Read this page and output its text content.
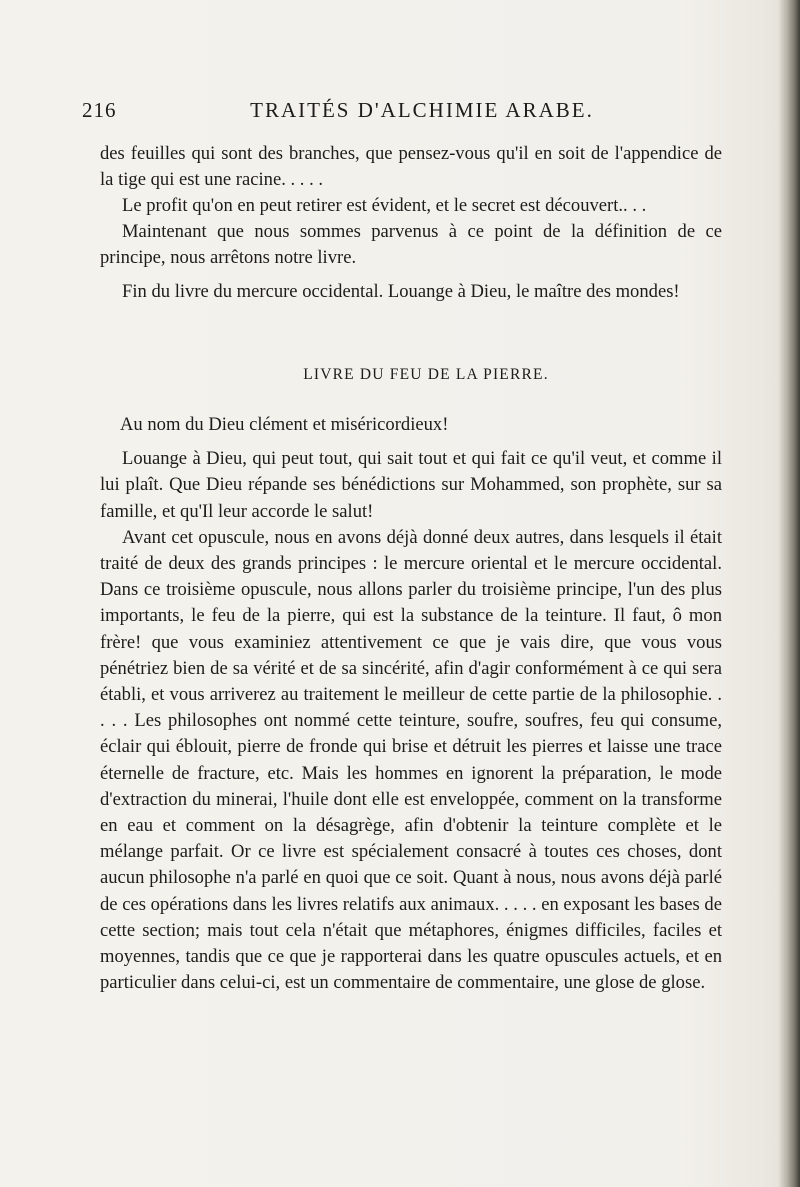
216	TRAITÉS D'ALCHIMIE ARABE.

des feuilles qui sont des branches, que pensez-vous qu'il en soit de l'appendice de la tige qui est une racine. . . . .

Le profit qu'on en peut retirer est évident, et le secret est découvert.. . .

Maintenant que nous sommes parvenus à ce point de la définition de ce principe, nous arrêtons notre livre.

Fin du livre du mercure occidental. Louange à Dieu, le maître des mondes!

LIVRE DU FEU DE LA PIERRE.

Au nom du Dieu clément et miséricordieux!

Louange à Dieu, qui peut tout, qui sait tout et qui fait ce qu'il veut, et comme il lui plaît. Que Dieu répande ses bénédictions sur Mohammed, son prophète, sur sa famille, et qu'Il leur accorde le salut!

Avant cet opuscule, nous en avons déjà donné deux autres, dans lesquels il était traité de deux des grands principes : le mercure oriental et le mercure occidental. Dans ce troisième opuscule, nous allons parler du troisième principe, l'un des plus importants, le feu de la pierre, qui est la substance de la teinture. Il faut, ô mon frère! que vous examiniez attentivement ce que je vais dire, que vous vous pénétriez bien de sa vérité et de sa sincérité, afin d'agir conformément à ce qui sera établi, et vous arriverez au traitement le meilleur de cette partie de la philosophie. . . . . Les philosophes ont nommé cette teinture, soufre, soufres, feu qui consume, éclair qui éblouit, pierre de fronde qui brise et détruit les pierres et laisse une trace éternelle de fracture, etc. Mais les hommes en ignorent la préparation, le mode d'extraction du minerai, l'huile dont elle est enveloppée, comment on la transforme en eau et comment on la désagrège, afin d'obtenir la teinture complète et le mélange parfait. Or ce livre est spécialement consacré à toutes ces choses, dont aucun philosophe n'a parlé en quoi que ce soit. Quant à nous, nous avons déjà parlé de ces opérations dans les livres relatifs aux animaux. . . . . en exposant les bases de cette section; mais tout cela n'était que métaphores, énigmes difficiles, faciles et moyennes, tandis que ce que je rapporterai dans les quatre opuscules actuels, et en particulier dans celui-ci, est un commentaire de commentaire, une glose de glose.
